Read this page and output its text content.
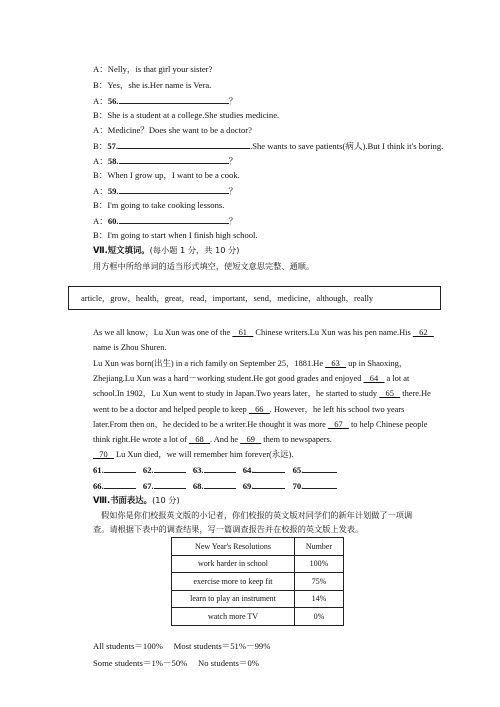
A：Nelly，is that girl your sister?
B：Yes，she is.Her name is Vera.
A：56.	？
B：She is a student at a college.She studies medicine.
A：Medicine？Does she want to be a doctor?
B：57.	.She wants to save patients(病人).But I think it's boring.
A：58.	？
B：When I grow up，I want to be a cook.
A：59.	？
B：I'm going to take cooking lessons.
A：60.	？
B：I'm going to start when I finish high school.
Ⅶ.短文填词。(每小题 1 分，共 10 分)
用方框中所给单词的适当形式填空，使短文意思完整、通顺。
article，grow，health，great，read，important，send，medicine，although，really
As we all know，Lu Xun was one of the    61    Chinese writers.Lu Xun was his pen name.His    62    name is Zhou Shuren.
Lu Xun was born(出生) in a rich family on September 25，1881.He    63    up in Shaoxing，Zhejiang.Lu Xun was a hard－working student.He got good grades and enjoyed    64    a lot at school.In 1902，Lu Xun went to study in Japan.Two years later，he started to study    65    there.He went to be a doctor and helped people to keep    66   . However，he left his school two years later.From then on，he decided to be a writer.He thought it was more    67    to help Chinese people think right.He wrote a lot of    68   . And he    69    them to newspapers.
70    Lu Xun died，we will remember him forever(永远).
61.	62.	63.	64.	65.
66.	67.	68.	69.	70.
Ⅷ.书面表达。(10 分)
假如你是你们校报英文版的小记者，你们校报的英文版对同学们的新年计划做了一项调
查。请根据下表中的调查结果，写一篇调查报告并在校报的英文版上发表。
New Year's Resolutions	Number
work harder in school	100%
exercise more to keep fit	75%
learn to play an instrument	14%
watch more TV	0%
All students＝100%　 Most students＝51%－99%
Some students＝1%－50%　 No students＝0%
